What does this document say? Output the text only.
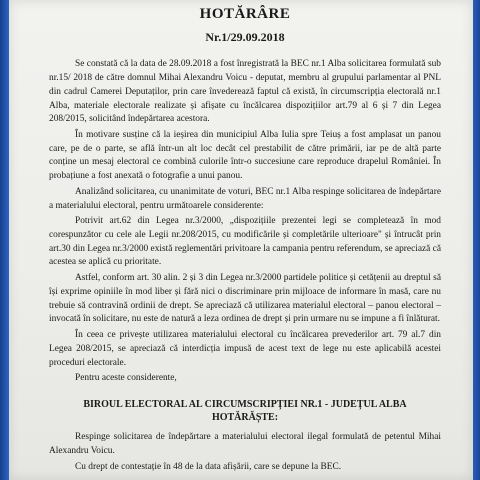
HOTĂRÂRE
Nr.1/29.09.2018

Se constată că la data de 28.09.2018 a fost înregistrată la BEC nr.1 Alba solicitarea formulată sub nr.15/ 2018 de către domnul Mihai Alexandru Voicu - deputat, membru al grupului parlamentar al PNL din cadrul Camerei Deputaților, prin care învederează faptul că există, în circumscripția electorală nr.1 Alba, materiale electorale realizate și afișate cu încălcarea dispozițiilor art.79 al 6 și 7 din Legea 208/2015, solicitând îndepărtarea acestora.

În motivare susține că la ieșirea din municipiul Alba Iulia spre Teiuș a fost amplasat un panou care, pe de o parte, se află într-un alt loc decât cel prestabilit de către primării, iar pe de altă parte conține un mesaj electoral ce combină culorile într-o succesiune care reproduce drapelul României. În probațiune a fost anexată o fotografie a unui panou.

Analizând solicitarea, cu unanimitate de voturi, BEC nr.1 Alba respinge solicitarea de îndepărtare a materialului electoral, pentru următoarele considerente:

Potrivit art.62 din Legea nr.3/2000, „dispozițiile prezentei legi se completează în mod corespunzător cu cele ale Legii nr.208/2015, cu modificările și completările ulterioare" și întrucât prin art.30 din Legea nr.3/2000 există reglementări privitoare la campania pentru referendum, se apreciază că acestea se aplică cu prioritate.

Astfel, conform art. 30 alin. 2 și 3 din Legea nr.3/2000 partidele politice și cetățenii au dreptul să își exprime opiniile în mod liber și fără nici o discriminare prin mijloace de informare în masă, care nu trebuie să contravină ordinii de drept. Se apreciază că utilizarea materialul electoral – panou electoral – invocată în solicitare, nu este de natură a leza ordinea de drept și prin urmare nu se impune a fi înlăturat.

În ceea ce privește utilizarea materialului electoral cu încălcarea prevederilor art. 79 al.7 din Legea 208/2015, se apreciază că interdicția impusă de acest text de lege nu este aplicabilă acestei proceduri electorale.

Pentru aceste considerente,

BIROUL ELECTORAL AL CIRCUMSCRIPȚIEI NR.1 - JUDEȚUL ALBA
HOTĂRĂȘTE:

Respinge solicitarea de îndepărtare a materialului electoral ilegal formulată de petentul Mihai Alexandru Voicu.

Cu drept de contestație în 48 de la data afișării, care se depune la BEC.
